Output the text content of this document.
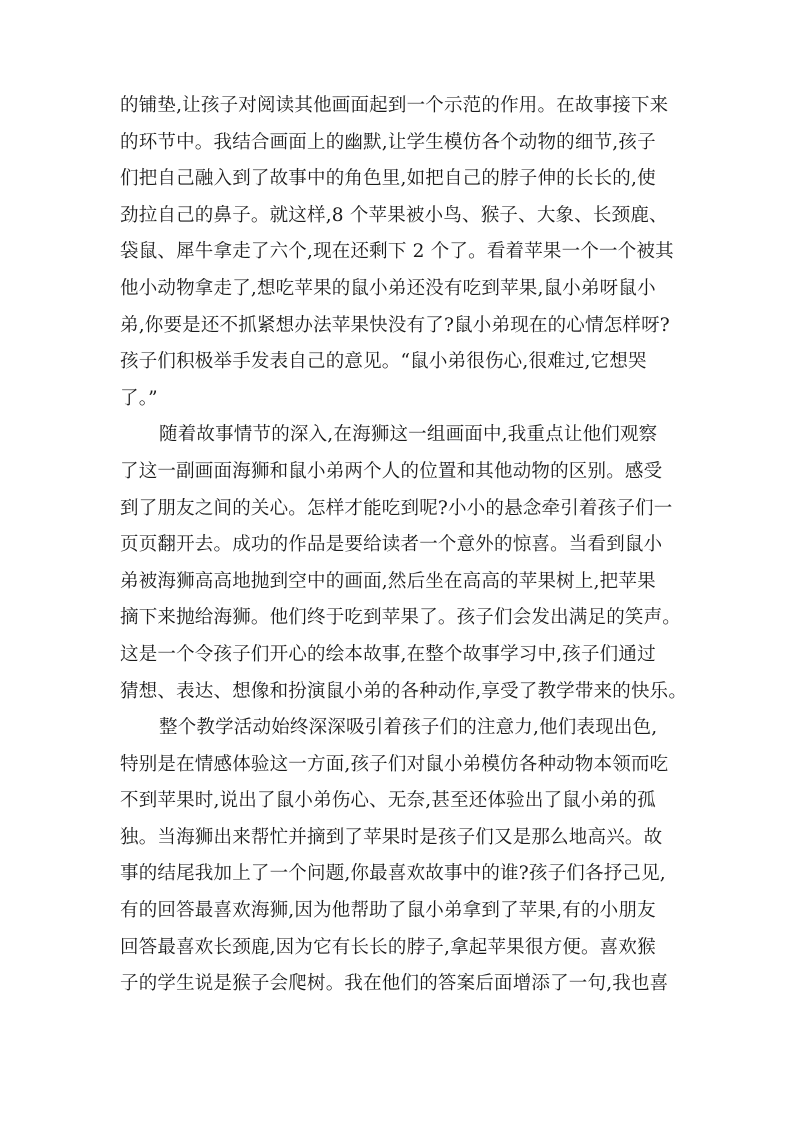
的铺垫,让孩子对阅读其他画面起到一个示范的作用。在故事接下来
的环节中。我结合画面上的幽默,让学生模仿各个动物的细节,孩子
们把自己融入到了故事中的角色里,如把自己的脖子伸的长长的,使
劲拉自己的鼻子。就这样,8 个苹果被小鸟、猴子、大象、长颈鹿、
袋鼠、犀牛拿走了六个,现在还剩下 2 个了。看着苹果一个一个被其
他小动物拿走了,想吃苹果的鼠小弟还没有吃到苹果,鼠小弟呀鼠小
弟,你要是还不抓紧想办法苹果快没有了?鼠小弟现在的心情怎样呀?
孩子们积极举手发表自己的意见。“鼠小弟很伤心,很难过,它想哭
了。”
随着故事情节的深入,在海狮这一组画面中,我重点让他们观察
了这一副画面海狮和鼠小弟两个人的位置和其他动物的区别。感受
到了朋友之间的关心。怎样才能吃到呢?小小的悬念牵引着孩子们一
页页翻开去。成功的作品是要给读者一个意外的惊喜。当看到鼠小
弟被海狮高高地抛到空中的画面,然后坐在高高的苹果树上,把苹果
摘下来抛给海狮。他们终于吃到苹果了。孩子们会发出满足的笑声。
这是一个令孩子们开心的绘本故事,在整个故事学习中,孩子们通过
猜想、表达、想像和扮演鼠小弟的各种动作,享受了教学带来的快乐。
整个教学活动始终深深吸引着孩子们的注意力,他们表现出色,
特别是在情感体验这一方面,孩子们对鼠小弟模仿各种动物本领而吃
不到苹果时,说出了鼠小弟伤心、无奈,甚至还体验出了鼠小弟的孤
独。当海狮出来帮忙并摘到了苹果时是孩子们又是那么地高兴。故
事的结尾我加上了一个问题,你最喜欢故事中的谁?孩子们各抒己见,
有的回答最喜欢海狮,因为他帮助了鼠小弟拿到了苹果,有的小朋友
回答最喜欢长颈鹿,因为它有长长的脖子,拿起苹果很方便。喜欢猴
子的学生说是猴子会爬树。我在他们的答案后面增添了一句,我也喜
